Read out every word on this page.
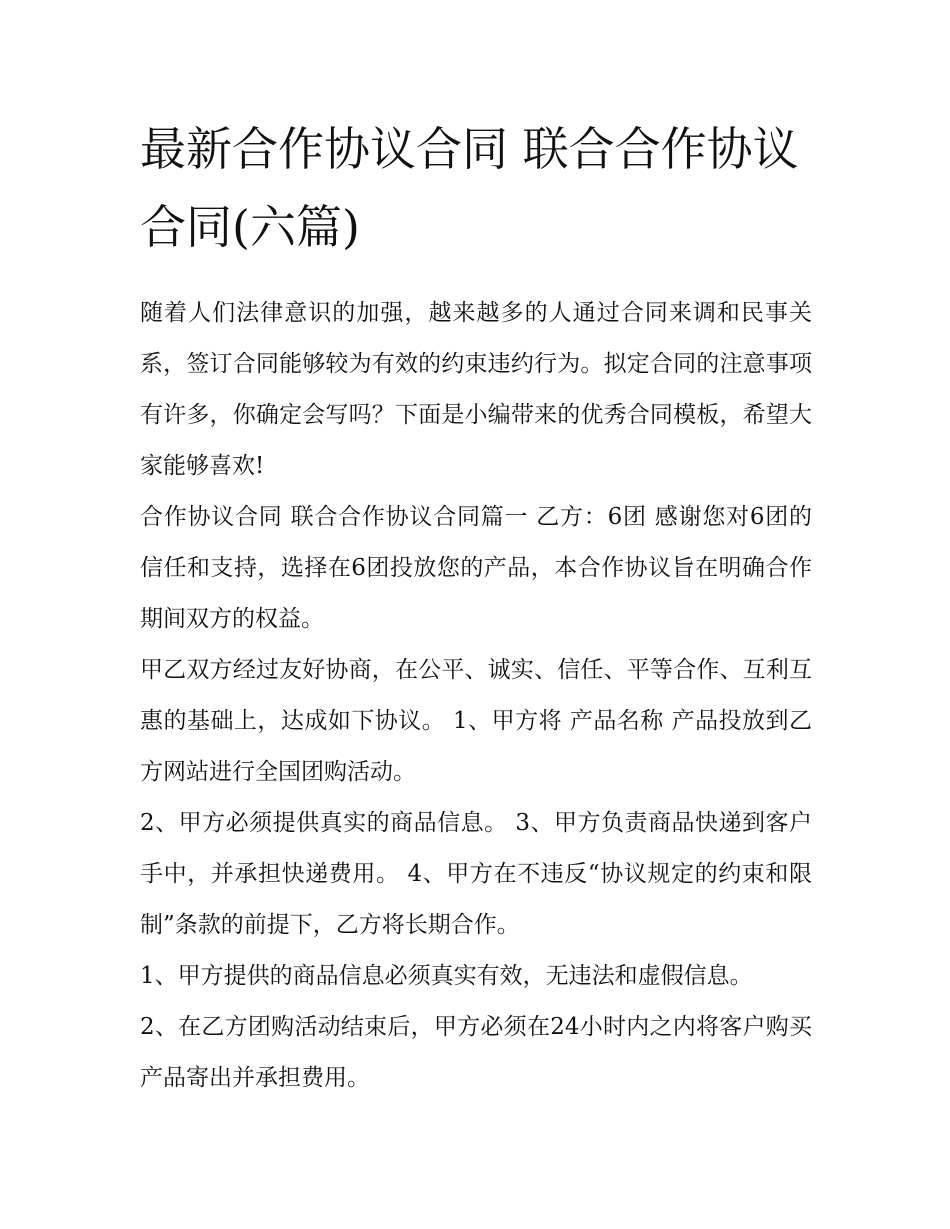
最新合作协议合同 联合合作协议合同(六篇)

随着人们法律意识的加强，越来越多的人通过合同来调和民事关系，签订合同能够较为有效的约束违约行为。拟定合同的注意事项有许多，你确定会写吗？下面是小编带来的优秀合同模板，希望大家能够喜欢!

合作协议合同 联合合作协议合同篇一 乙方：6团 感谢您对6团的信任和支持，选择在6团投放您的产品，本合作协议旨在明确合作期间双方的权益。

甲乙双方经过友好协商，在公平、诚实、信任、平等合作、互利互惠的基础上，达成如下协议。 1、甲方将 产品名称 产品投放到乙方网站进行全国团购活动。

2、甲方必须提供真实的商品信息。 3、甲方负责商品快递到客户手中，并承担快递费用。 4、甲方在不违反“协议规定的约束和限制”条款的前提下，乙方将长期合作。

1、甲方提供的商品信息必须真实有效，无违法和虚假信息。

2、在乙方团购活动结束后，甲方必须在24小时内之内将客户购买产品寄出并承担费用。
